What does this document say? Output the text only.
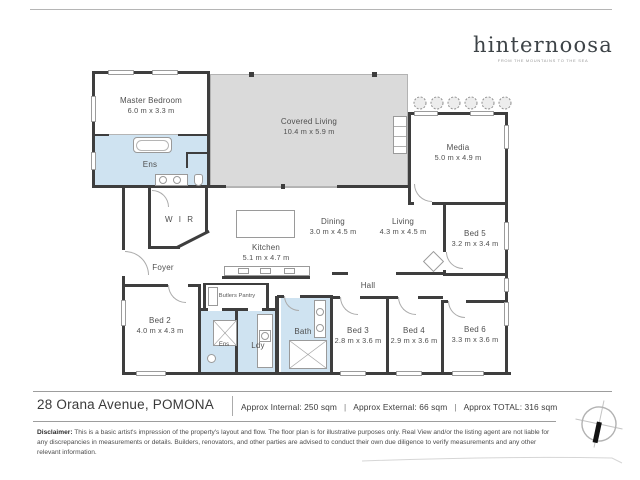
hinternoosa
FROM THE MOUNTAINS TO THE SEA
Master Bedroom
6.0 m x 3.3 m
Ens
Covered Living
10.4 m x 5.9 m
Media
5.0 m x 4.9 m
W I R	Dining
3.0 m x 4.5 m
Living
4.3 m x 4.5 m
Kitchen
5.1 m x 4.7 m
Bed 5
3.2 m x 3.4 m
Foyer
Hall
Butlers Pantry
Bed 2
4.0 m x 4.3 m
Ens	Ldy
Bath	Bed 3
2.8 m x 3.6 m
Bed 4
2.9 m x 3.6 m
Bed 6
3.3 m x 3.6 m
28 Orana Avenue, POMONA	Approx Internal: 250 sqm | Approx External: 66 sqm | Approx TOTAL: 316 sqm
Disclaimer: This is a basic artist's impression of the property's layout and flow. The floor plan is for illustrative purposes only. Real View and/or the listing agent are not liable for any discrepancies in measurements or details. Builders, renovators, and other parties are advised to conduct their own due diligence to verify measurements and any other relevant information.
